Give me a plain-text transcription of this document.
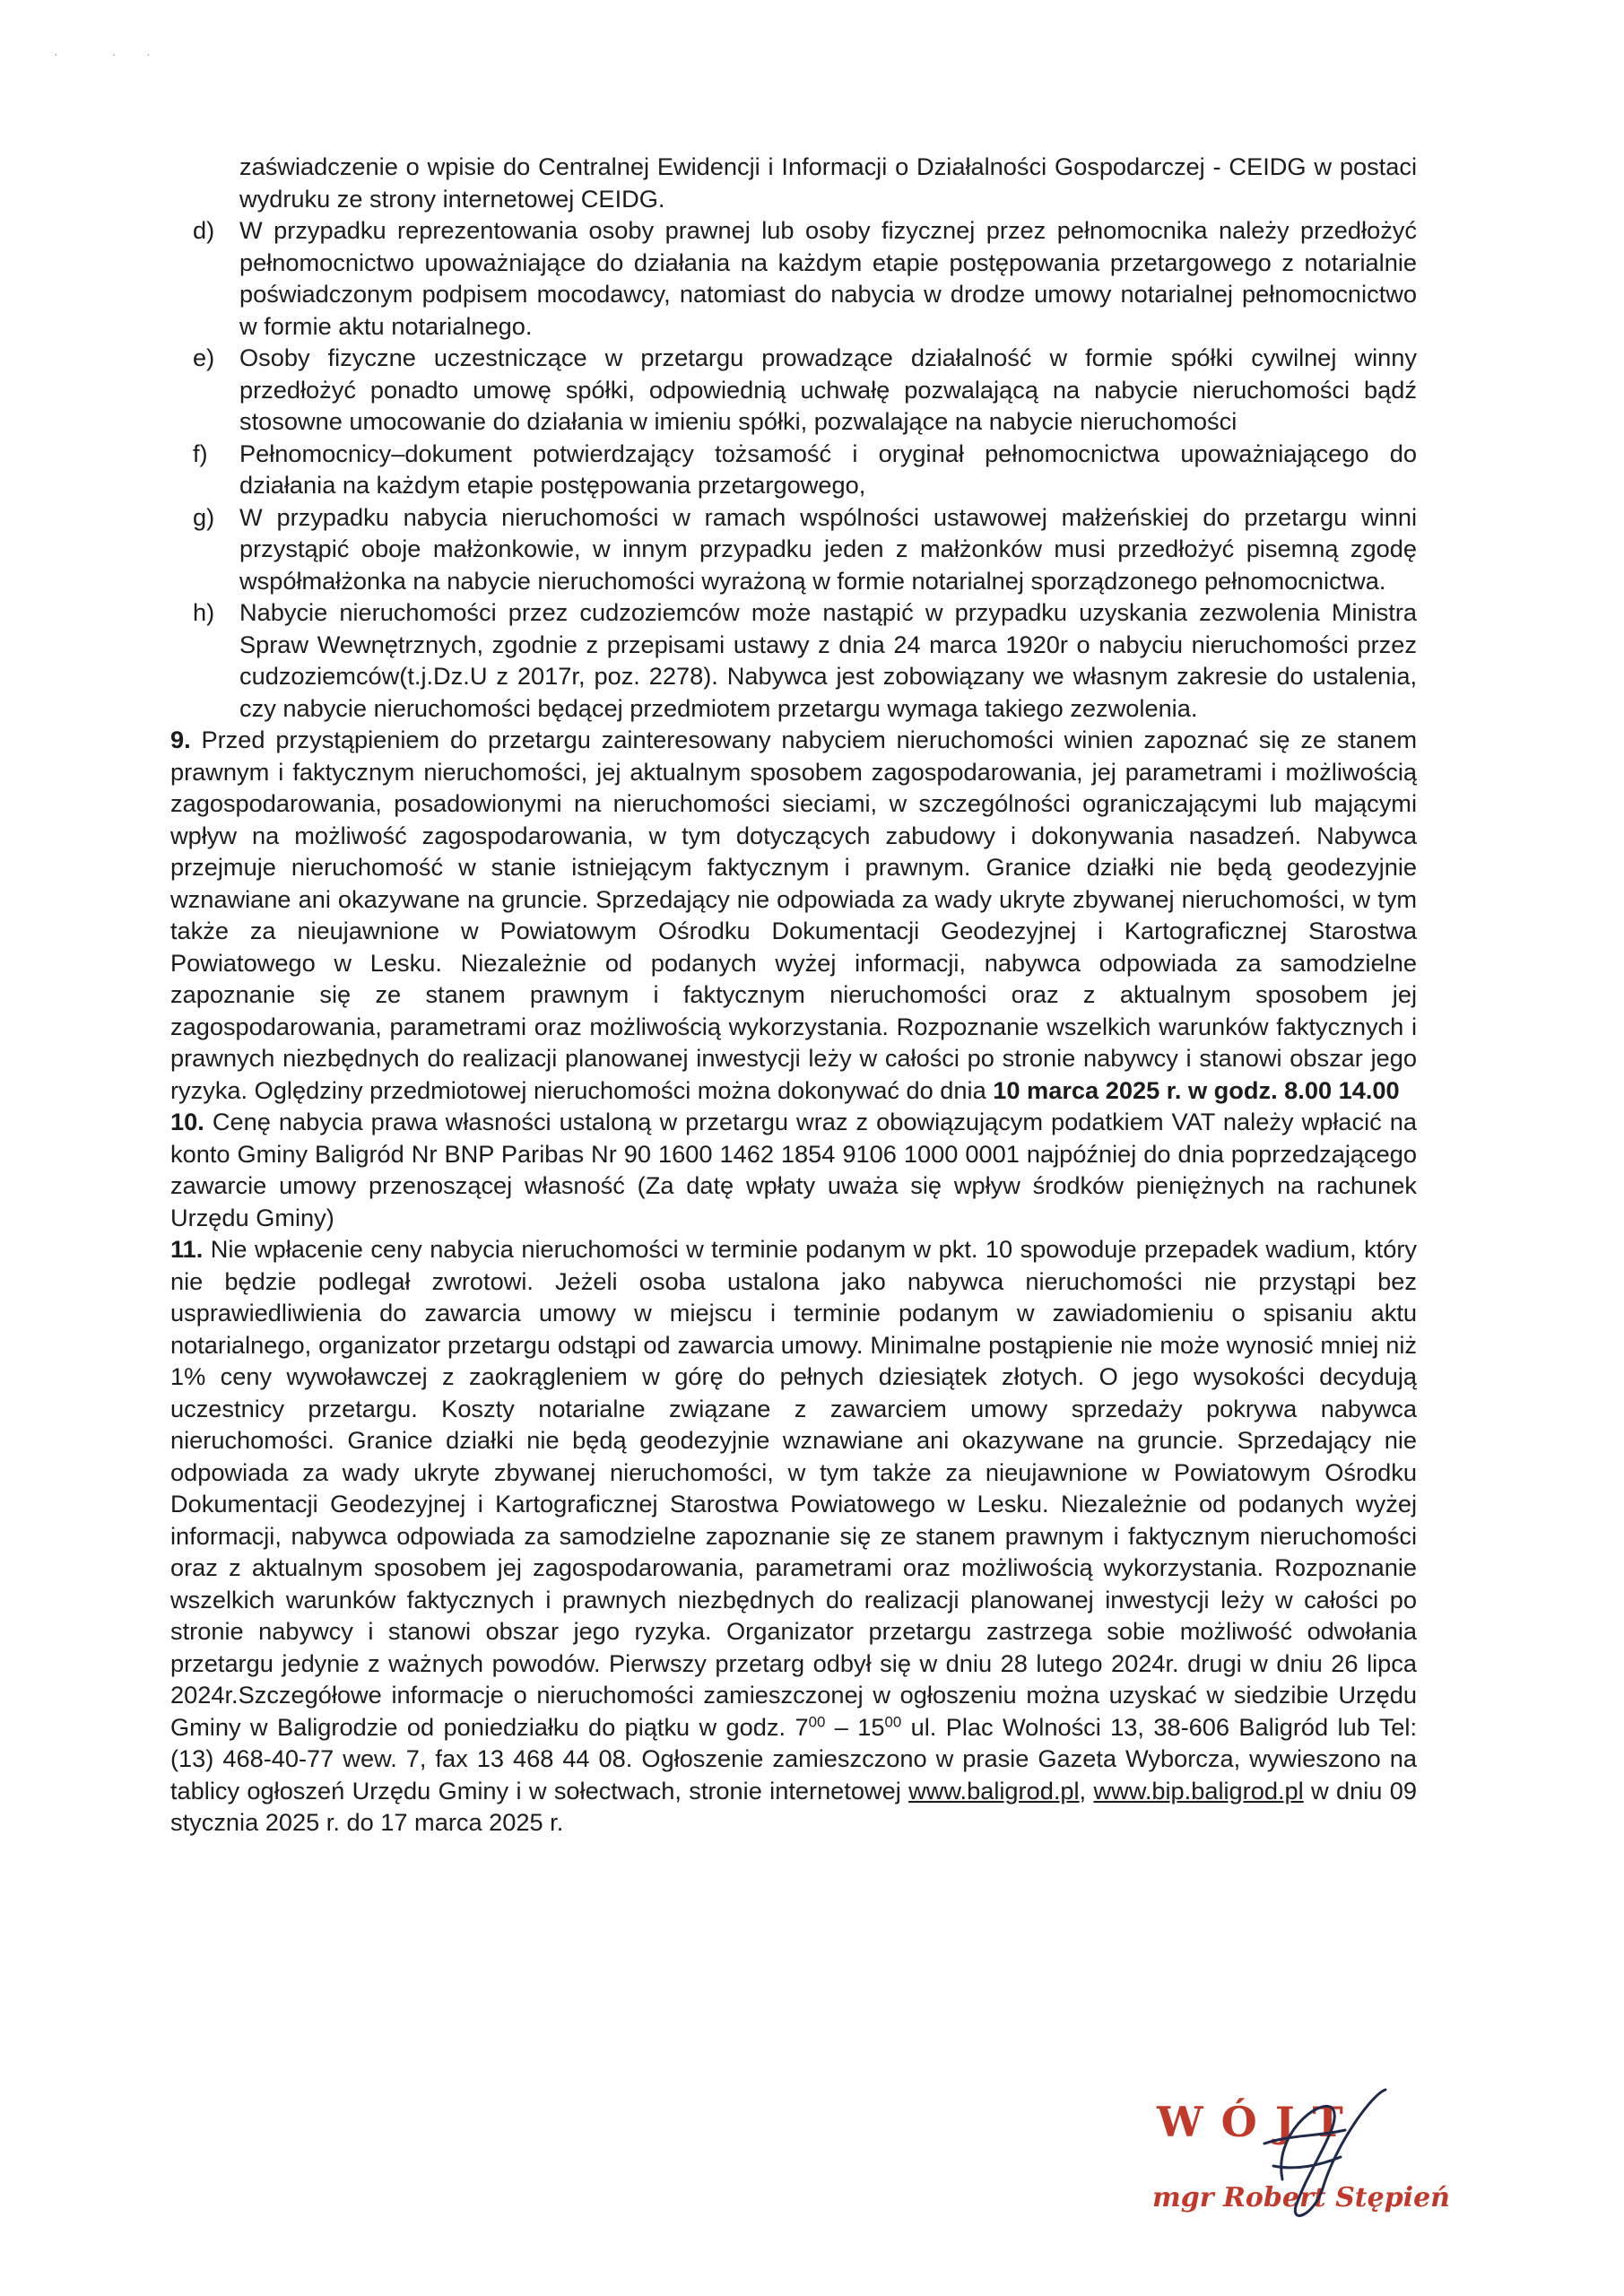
·	· ·
zaświadczenie o wpisie do Centralnej Ewidencji i Informacji o Działalności Gospodarczej - CEIDG w postaci wydruku ze strony internetowej CEIDG.
d)	W przypadku reprezentowania osoby prawnej lub osoby fizycznej przez pełnomocnika należy przedłożyć pełnomocnictwo upoważniające do działania na każdym etapie postępowania przetargowego z notarialnie poświadczonym podpisem mocodawcy, natomiast do nabycia w drodze umowy notarialnej pełnomocnictwo w formie aktu notarialnego.
e)	Osoby fizyczne uczestniczące w przetargu prowadzące działalność w formie spółki cywilnej winny przedłożyć ponadto umowę spółki, odpowiednią uchwałę pozwalającą na nabycie nieruchomości bądź stosowne umocowanie do działania w imieniu spółki, pozwalające na nabycie nieruchomości
f)	Pełnomocnicy–dokument potwierdzający tożsamość i oryginał pełnomocnictwa upoważniającego do działania na każdym etapie postępowania przetargowego,
g)	W przypadku nabycia nieruchomości w ramach wspólności ustawowej małżeńskiej do przetargu winni przystąpić oboje małżonkowie, w innym przypadku jeden z małżonków musi przedłożyć pisemną zgodę współmałżonka na nabycie nieruchomości wyrażoną w formie notarialnej sporządzonego pełnomocnictwa.
h)	Nabycie nieruchomości przez cudzoziemców może nastąpić w przypadku uzyskania zezwolenia Ministra Spraw Wewnętrznych, zgodnie z przepisami ustawy z dnia 24 marca 1920r o nabyciu nieruchomości przez cudzoziemców(t.j.Dz.U z 2017r, poz. 2278). Nabywca jest zobowiązany we własnym zakresie do ustalenia, czy nabycie nieruchomości będącej przedmiotem przetargu wymaga takiego zezwolenia.
9. Przed przystąpieniem do przetargu zainteresowany nabyciem nieruchomości winien zapoznać się ze stanem prawnym i faktycznym nieruchomości, jej aktualnym sposobem zagospodarowania, jej parametrami i możliwością zagospodarowania, posadowionymi na nieruchomości sieciami, w szczególności ograniczającymi lub mającymi wpływ na możliwość zagospodarowania, w tym dotyczących zabudowy i dokonywania nasadzeń. Nabywca przejmuje nieruchomość w stanie istniejącym faktycznym i prawnym. Granice działki nie będą geodezyjnie wznawiane ani okazywane na gruncie. Sprzedający nie odpowiada za wady ukryte zbywanej nieruchomości, w tym także za nieujawnione w Powiatowym Ośrodku Dokumentacji Geodezyjnej i Kartograficznej Starostwa Powiatowego w Lesku. Niezależnie od podanych wyżej informacji, nabywca odpowiada za samodzielne zapoznanie się ze stanem prawnym i faktycznym nieruchomości oraz z aktualnym sposobem jej zagospodarowania, parametrami oraz możliwością wykorzystania. Rozpoznanie wszelkich warunków faktycznych i prawnych niezbędnych do realizacji planowanej inwestycji leży w całości po stronie nabywcy i stanowi obszar jego ryzyka. Oględziny przedmiotowej nieruchomości można dokonywać do dnia 10 marca 2025 r. w godz. 8.00 14.00
10. Cenę nabycia prawa własności ustaloną w przetargu wraz z obowiązującym podatkiem VAT należy wpłacić na konto Gminy Baligród Nr BNP Paribas Nr 90 1600 1462 1854 9106 1000 0001 najpóźniej do dnia poprzedzającego zawarcie umowy przenoszącej własność (Za datę wpłaty uważa się wpływ środków pieniężnych na rachunek Urzędu Gminy)
11. Nie wpłacenie ceny nabycia nieruchomości w terminie podanym w pkt. 10 spowoduje przepadek wadium, który nie będzie podlegał zwrotowi. Jeżeli osoba ustalona jako nabywca nieruchomości nie przystąpi bez usprawiedliwienia do zawarcia umowy w miejscu i terminie podanym w zawiadomieniu o spisaniu aktu notarialnego, organizator przetargu odstąpi od zawarcia umowy. Minimalne postąpienie nie może wynosić mniej niż 1% ceny wywoławczej z zaokrągleniem w górę do pełnych dziesiątek złotych. O jego wysokości decydują uczestnicy przetargu. Koszty notarialne związane z zawarciem umowy sprzedaży pokrywa nabywca nieruchomości. Granice działki nie będą geodezyjnie wznawiane ani okazywane na gruncie. Sprzedający nie odpowiada za wady ukryte zbywanej nieruchomości, w tym także za nieujawnione w Powiatowym Ośrodku Dokumentacji Geodezyjnej i Kartograficznej Starostwa Powiatowego w Lesku. Niezależnie od podanych wyżej informacji, nabywca odpowiada za samodzielne zapoznanie się ze stanem prawnym i faktycznym nieruchomości oraz z aktualnym sposobem jej zagospodarowania, parametrami oraz możliwością wykorzystania. Rozpoznanie wszelkich warunków faktycznych i prawnych niezbędnych do realizacji planowanej inwestycji leży w całości po stronie nabywcy i stanowi obszar jego ryzyka. Organizator przetargu zastrzega sobie możliwość odwołania przetargu jedynie z ważnych powodów. Pierwszy przetarg odbył się w dniu 28 lutego 2024r. drugi w dniu 26 lipca 2024r.Szczegółowe informacje o nieruchomości zamieszczonej w ogłoszeniu można uzyskać w siedzibie Urzędu Gminy w Baligrodzie od poniedziałku do piątku w godz. $7^{00} - 15^{00}$ ul. Plac Wolności 13, 38-606 Baligród lub Tel: (13) 468-40-77 wew. 7, fax 13 468 44 08. Ogłoszenie zamieszczono w prasie Gazeta Wyborcza, wywieszono na tablicy ogłoszeń Urzędu Gminy i w sołectwach, stronie internetowej www.baligrod.pl, www.bip.baligrod.pl w dniu 09 stycznia 2025 r. do 17 marca 2025 r.
WÓJT
mgr Robert Stępień
